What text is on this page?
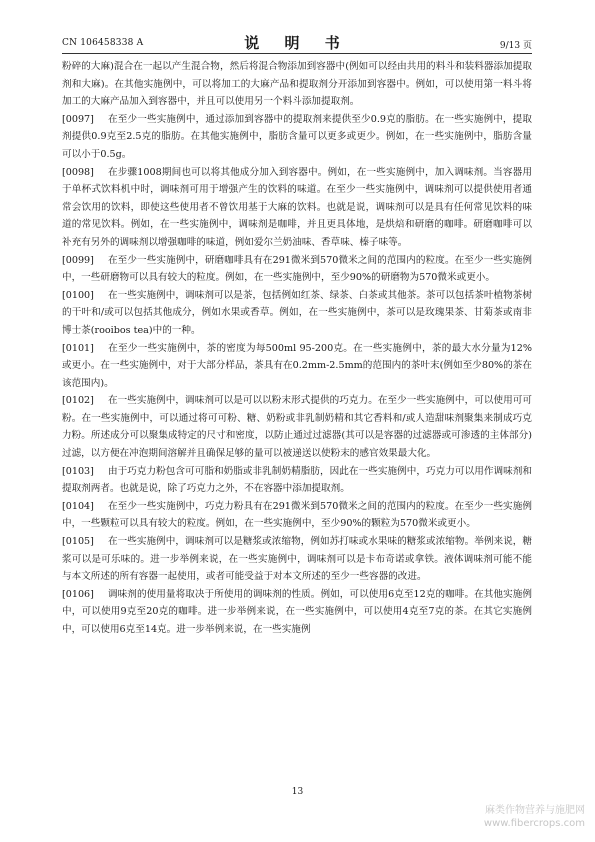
CN 106458338 A	说 明 书	9/13 页

粉碎的大麻)混合在一起以产生混合物，然后将混合物添加到容器中(例如可以经由共用的料斗和装料器添加提取剂和大麻)。在其他实施例中，可以将加工的大麻产品和提取剂分开添加到容器中。例如，可以使用第一料斗将加工的大麻产品加入到容器中，并且可以使用另一个料斗添加提取剂。

[0097] 在至少一些实施例中，通过添加到容器中的提取剂来提供至少0.9克的脂肪。在一些实施例中，提取剂提供0.9克至2.5克的脂肪。在其他实施例中，脂肪含量可以更多或更少。例如，在一些实施例中，脂肪含量可以小于0.5g。

[0098] 在步骤1008期间也可以将其他成分加入到容器中。例如，在一些实施例中，加入调味剂。当容器用于单杯式饮料机中时，调味剂可用于增强产生的饮料的味道。在至少一些实施例中，调味剂可以提供使用者通常会饮用的饮料，即使这些使用者不曾饮用基于大麻的饮料。也就是说，调味剂可以是具有任何常见饮料的味道的常见饮料。例如，在一些实施例中，调味剂是咖啡，并且更具体地，是烘焙和研磨的咖啡。研磨咖啡可以补充有另外的调味剂以增强咖啡的味道，例如爱尔兰奶油味、香草味、榛子味等。

[0099] 在至少一些实施例中，研磨咖啡具有在291微米到570微米之间的范围内的粒度。在至少一些实施例中，一些研磨物可以具有较大的粒度。例如，在一些实施例中，至少90%的研磨物为570微米或更小。

[0100] 在一些实施例中，调味剂可以是茶，包括例如红茶、绿茶、白茶或其他茶。茶可以包括茶叶植物茶树的干叶和/或可以包括其他成分，例如水果或香草。例如，在一些实施例中，茶可以是玫瑰果茶、甘菊茶或南非博士茶(rooibos tea)中的一种。

[0101] 在至少一些实施例中，茶的密度为每500ml 95-200克。在一些实施例中，茶的最大水分量为12%或更小。在一些实施例中，对于大部分样品，茶具有在0.2mm-2.5mm的范围内的茶叶末(例如至少80%的茶在该范围内)。

[0102] 在一些实施例中，调味剂可以是可以以粉末形式提供的巧克力。在至少一些实施例中，可以使用可可粉。在一些实施例中，可以通过将可可粉、糖、奶粉或非乳制奶精和其它香料和/或人造甜味剂聚集来制成巧克力粉。所述成分可以聚集成特定的尺寸和密度，以防止通过过滤器(其可以是容器的过滤器或可渗透的主体部分)过滤，以方便在冲泡期间溶解并且确保足够的量可以被递送以使粉末的感官效果最大化。

[0103] 由于巧克力粉包含可可脂和奶脂或非乳制奶精脂肪，因此在一些实施例中，巧克力可以用作调味剂和提取剂两者。也就是说，除了巧克力之外，不在容器中添加提取剂。

[0104] 在至少一些实施例中，巧克力粉具有在291微米到570微米之间的范围内的粒度。在至少一些实施例中，一些颗粒可以具有较大的粒度。例如，在一些实施例中，至少90%的颗粒为570微米或更小。

[0105] 在一些实施例中，调味剂可以是糖浆或浓缩物，例如苏打味或水果味的糖浆或浓缩物。举例来说，糖浆可以是可乐味的。进一步举例来说，在一些实施例中，调味剂可以是卡布奇诺或拿铁。液体调味剂可能不能与本文所述的所有容器一起使用，或者可能受益于对本文所述的至少一些容器的改进。

[0106] 调味剂的使用量将取决于所使用的调味剂的性质。例如，可以使用6克至12克的咖啡。在其他实施例中，可以使用9克至20克的咖啡。进一步举例来说，在一些实施例中，可以使用4克至7克的茶。在其它实施例中，可以使用6克至14克。进一步举例来说，在一些实施例

13
麻类作物营养与施肥网
www.fibercrops.com
